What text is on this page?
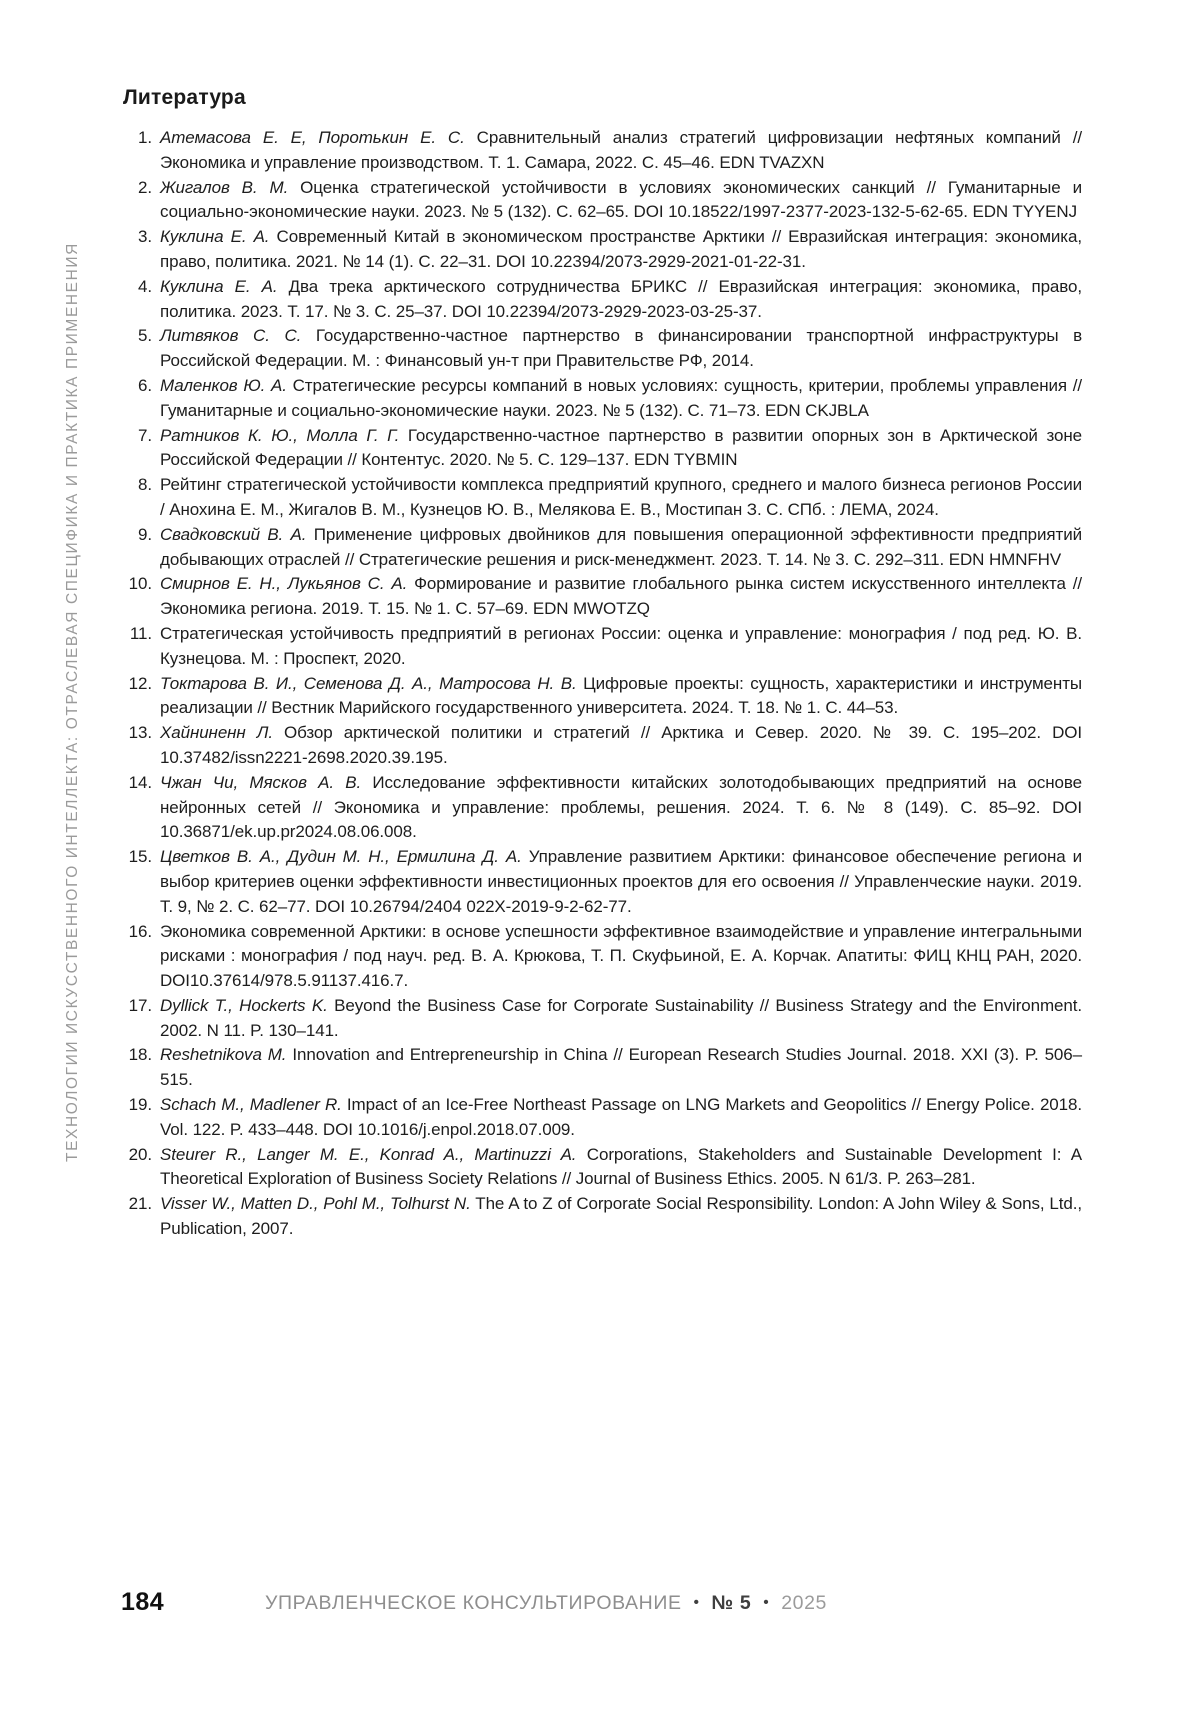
ТЕХНОЛОГИИ ИСКУССТВЕННОГО ИНТЕЛЛЕКТА: ОТРАСЛЕВАЯ СПЕЦИФИКА И ПРАКТИКА ПРИМЕНЕНИЯ
Литература
1. Атемасова Е. Е, Поротькин Е. С. Сравнительный анализ стратегий цифровизации нефтяных компаний // Экономика и управление производством. Т. 1. Самара, 2022. С. 45–46. EDN TVAZXN
2. Жигалов В. М. Оценка стратегической устойчивости в условиях экономических санкций // Гуманитарные и социально-экономические науки. 2023. № 5 (132). С. 62–65. DOI 10.18522/1997-2377-2023-132-5-62-65. EDN TYYENJ
3. Куклина Е. А. Современный Китай в экономическом пространстве Арктики // Евразийская интеграция: экономика, право, политика. 2021. № 14 (1). С. 22–31. DOI 10.22394/2073-2929-2021-01-22-31.
4. Куклина Е. А. Два трека арктического сотрудничества БРИКС // Евразийская интеграция: экономика, право, политика. 2023. Т. 17. № 3. С. 25–37. DOI 10.22394/2073-2929-2023-03-25-37.
5. Литвяков С. С. Государственно-частное партнерство в финансировании транспортной инфраструктуры в Российской Федерации. М. : Финансовый ун-т при Правительстве РФ, 2014.
6. Маленков Ю. А. Стратегические ресурсы компаний в новых условиях: сущность, критерии, проблемы управления // Гуманитарные и социально-экономические науки. 2023. № 5 (132). С. 71–73. EDN CKJBLA
7. Ратников К. Ю., Молла Г. Г. Государственно-частное партнерство в развитии опорных зон в Арктической зоне Российской Федерации // Контентус. 2020. № 5. С. 129–137. EDN TYBMIN
8. Рейтинг стратегической устойчивости комплекса предприятий крупного, среднего и малого бизнеса регионов России / Анохина Е. М., Жигалов В. М., Кузнецов Ю. В., Мелякова Е. В., Мостипан З. С. СПб. : ЛЕМА, 2024.
9. Свадковский В. А. Применение цифровых двойников для повышения операционной эффективности предприятий добывающих отраслей // Стратегические решения и риск-менеджмент. 2023. Т. 14. № 3. С. 292–311. EDN HMNFHV
10. Смирнов Е. Н., Лукьянов С. А. Формирование и развитие глобального рынка систем искусственного интеллекта // Экономика региона. 2019. Т. 15. № 1. С. 57–69. EDN MWOTZQ
11. Стратегическая устойчивость предприятий в регионах России: оценка и управление: монография / под ред. Ю. В. Кузнецова. М. : Проспект, 2020.
12. Токтарова В. И., Семенова Д. А., Матросова Н. В. Цифровые проекты: сущность, характеристики и инструменты реализации // Вестник Марийского государственного университета. 2024. Т. 18. № 1. С. 44–53.
13. Хайниненн Л. Обзор арктической политики и стратегий // Арктика и Север. 2020. № 39. С. 195–202. DOI 10.37482/issn2221-2698.2020.39.195.
14. Чжан Чи, Мясков А. В. Исследование эффективности китайских золотодобывающих предприятий на основе нейронных сетей // Экономика и управление: проблемы, решения. 2024. Т. 6. № 8 (149). С. 85–92. DOI 10.36871/ek.up.pr2024.08.06.008.
15. Цветков В. А., Дудин М. Н., Ермилина Д. А. Управление развитием Арктики: финансовое обеспечение региона и выбор критериев оценки эффективности инвестиционных проектов для его освоения // Управленческие науки. 2019. Т. 9, № 2. С. 62–77. DOI 10.26794/2404 022X-2019-9-2-62-77.
16. Экономика современной Арктики: в основе успешности эффективное взаимодействие и управление интегральными рисками : монография / под науч. ред. В. А. Крюкова, Т. П. Скуфьиной, Е. А. Корчак. Апатиты: ФИЦ КНЦ РАН, 2020. DOI10.37614/978.5.91137.416.7.
17. Dyllick T., Hockerts K. Beyond the Business Case for Corporate Sustainability // Business Strategy and the Environment. 2002. N 11. P. 130–141.
18. Reshetnikova M. Innovation and Entrepreneurship in China // European Research Studies Journal. 2018. XXI (3). P. 506–515.
19. Schach M., Madlener R. Impact of an Ice-Free Northeast Passage on LNG Markets and Geopolitics // Energy Police. 2018. Vol. 122. P. 433–448. DOI 10.1016/j.enpol.2018.07.009.
20. Steurer R., Langer M. E., Konrad A., Martinuzzi A. Corporations, Stakeholders and Sustainable Development I: A Theoretical Exploration of Business Society Relations // Journal of Business Ethics. 2005. N 61/3. P. 263–281.
21. Visser W., Matten D., Pohl M., Tolhurst N. The A to Z of Corporate Social Responsibility. London: A John Wiley & Sons, Ltd., Publication, 2007.
184	УПРАВЛЕНЧЕСКОЕ КОНСУЛЬТИРОВАНИЕ • № 5 • 2025
